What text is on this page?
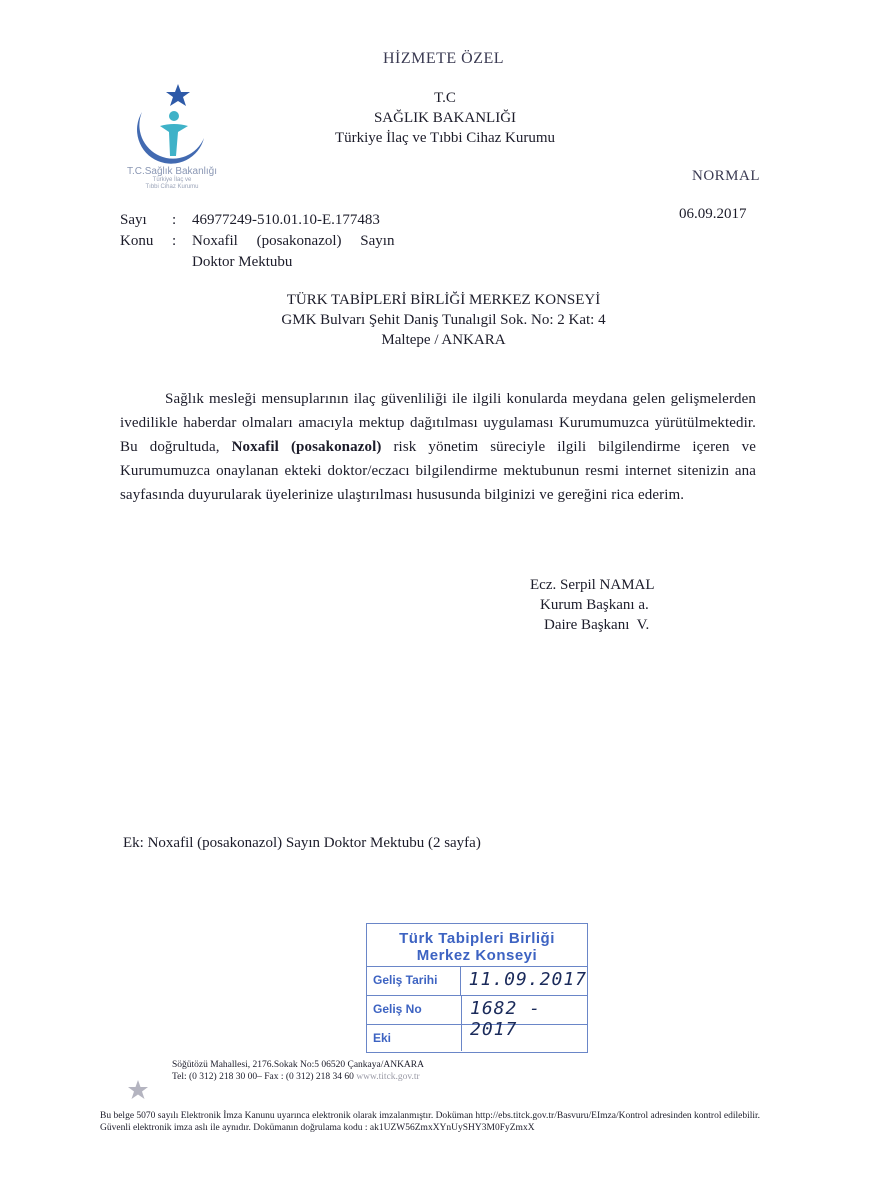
HİZMETE ÖZEL
T.C.Sağlık Bakanlığı
Türkiye İlaç ve
Tıbbi Cihaz Kurumu
T.C
SAĞLIK BAKANLIĞI
Türkiye İlaç ve Tıbbi Cihaz Kurumu
NORMAL
06.09.2017
Sayı	:	46977249-510.01.10-E.177483
Konu	:	Noxafil     (posakonazol)     Sayın
Doktor Mektubu
TÜRK TABİPLERİ BİRLİĞİ MERKEZ KONSEYİ
GMK Bulvarı Şehit Daniş Tunalıgil Sok. No: 2 Kat: 4
Maltepe / ANKARA
Sağlık mesleği mensuplarının ilaç güvenliliği ile ilgili konularda meydana gelen gelişmelerden ivedilikle haberdar olmaları amacıyla mektup dağıtılması uygulaması Kurumumuzca yürütülmektedir. Bu doğrultuda, Noxafil (posakonazol) risk yönetim süreciyle ilgili bilgilendirme içeren ve Kurumumuzca onaylanan ekteki doktor/eczacı bilgilendirme mektubunun resmi internet sitenizin ana sayfasında duyurularak üyelerinize ulaştırılması hususunda bilginizi ve gereğini rica ederim.
Ecz. Serpil NAMAL
Kurum Başkanı a.
Daire Başkanı  V.
Ek: Noxafil (posakonazol) Sayın Doktor Mektubu (2 sayfa)
Türk Tabipleri Birliği
Merkez Konseyi
Geliş Tarihi	11.09.2017
Geliş No	1682 - 2017
Eki
Söğütözü Mahallesi, 2176.Sokak No:5 06520 Çankaya/ANKARA
Tel: (0 312) 218 30 00– Fax : (0 312) 218 34 60 www.titck.gov.tr
Bu belge 5070 sayılı Elektronik İmza Kanunu uyarınca elektronik olarak imzalanmıştır. Doküman http://ebs.titck.gov.tr/Basvuru/EImza/Kontrol adresinden kontrol edilebilir. Güvenli elektronik imza aslı ile aynıdır. Dokümanın doğrulama kodu : ak1UZW56ZmxXYnUySHY3M0FyZmxX
